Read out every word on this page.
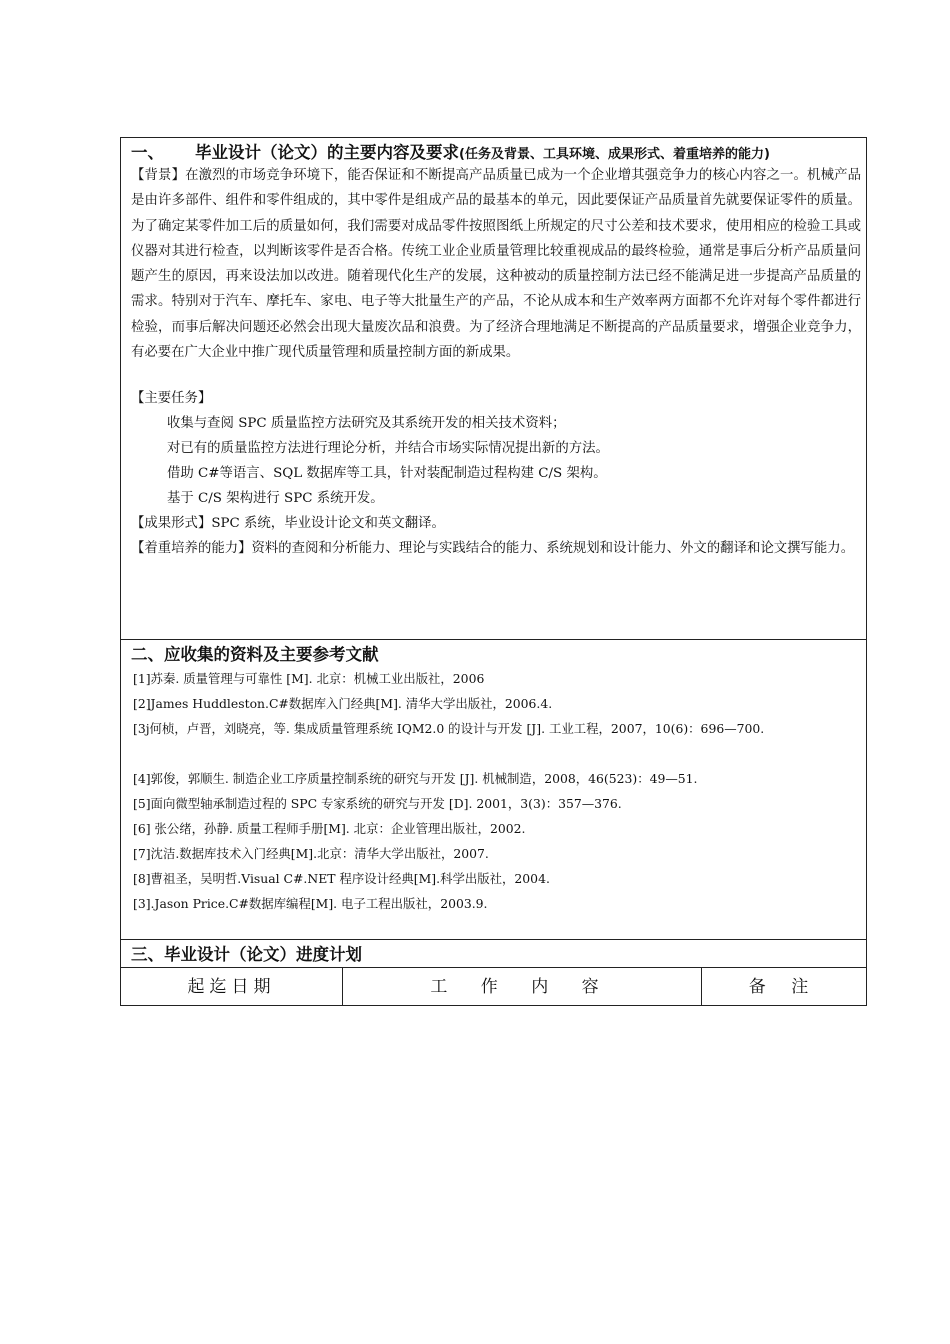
一、 毕业设计（论文）的主要内容及要求(任务及背景、工具环境、成果形式、着重培养的能力)
【背景】在激烈的市场竞争环境下，能否保证和不断提高产品质量已成为一个企业增其强竞争力的核心内容之一。机械产品是由许多部件、组件和零件组成的，其中零件是组成产品的最基本的单元，因此要保证产品质量首先就要保证零件的质量。为了确定某零件加工后的质量如何，我们需要对成品零件按照图纸上所规定的尺寸公差和技术要求，使用相应的检验工具或仪器对其进行检查，以判断该零件是否合格。传统工业企业质量管理比较重视成品的最终检验，通常是事后分析产品质量问题产生的原因，再来设法加以改进。随着现代化生产的发展，这种被动的质量控制方法已经不能满足进一步提高产品质量的需求。特别对于汽车、摩托车、家电、电子等大批量生产的产品，不论从成本和生产效率两方面都不允许对每个零件都进行检验，而事后解决问题还必然会出现大量废次品和浪费。为了经济合理地满足不断提高的产品质量要求，增强企业竞争力，有必要在广大企业中推广现代质量管理和质量控制方面的新成果。
【主要任务】
收集与查阅 SPC 质量监控方法研究及其系统开发的相关技术资料；
对已有的质量监控方法进行理论分析，并结合市场实际情况提出新的方法。
借助 C#等语言、SQL 数据库等工具，针对装配制造过程构建 C/S 架构。
基于 C/S 架构进行 SPC 系统开发。
【成果形式】SPC 系统，毕业设计论文和英文翻译。
【着重培养的能力】资料的查阅和分析能力、理论与实践结合的能力、系统规划和设计能力、外文的翻译和论文撰写能力。
二、应收集的资料及主要参考文献
[1]苏秦. 质量管理与可靠性 [M]. 北京：机械工业出版社，2006
[2]James Huddleston.C#数据库入门经典[M]. 清华大学出版社，2006.4.
[3j何桢，卢晋，刘晓亮，等. 集成质量管理系统 IQM2.0 的设计与开发 [J]. 工业工程，2007，10(6)：696—700.
[4]郭俊，郭顺生. 制造企业工序质量控制系统的研究与开发 [J]. 机械制造，2008，46(523)：49—51.
[5]面向微型轴承制造过程的 SPC 专家系统的研究与开发 [D]. 2001，3(3)：357—376.
[6] 张公绪，孙静. 质量工程师手册[M]. 北京：企业管理出版社，2002.
[7]沈洁.数据库技术入门经典[M].北京：清华大学出版社，2007.
[8]曹祖圣，吴明哲.Visual C#.NET 程序设计经典[M].科学出版社，2004.
[3].Jason Price.C#数据库编程[M]. 电子工程出版社，2003.9.
三、毕业设计（论文）进度计划
起迄日期	工 作 内 容	备 注
